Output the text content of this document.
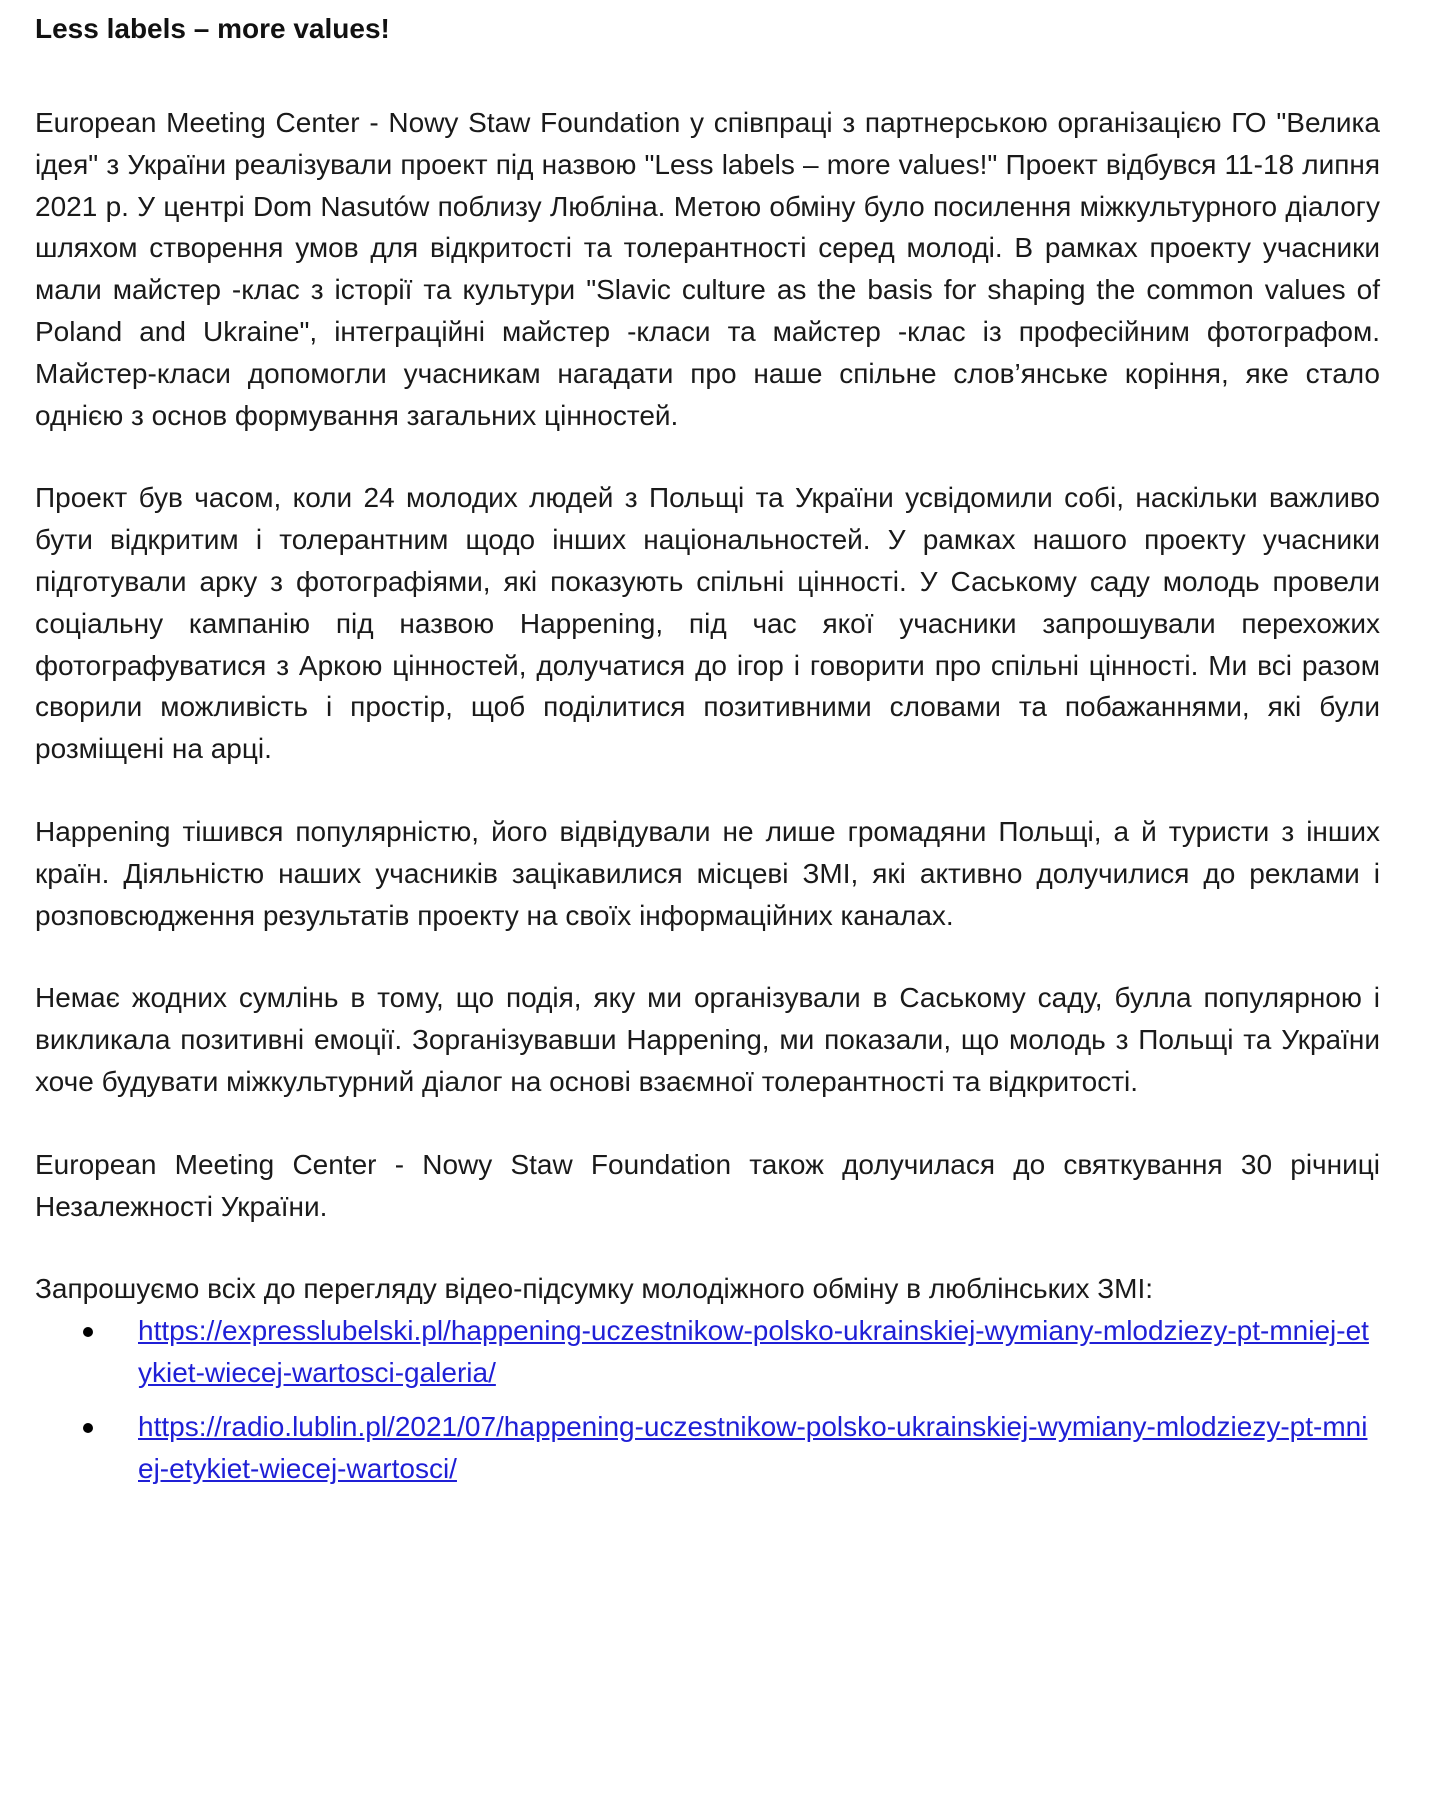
Less labels – more values!

European Meeting Center - Nowy Staw Foundation у співпраці з партнерською організацією ГО "Велика ідея" з України реалізували проект під назвою "Less labels – more values!" Проект відбувся 11-18 липня 2021 р. У центрі Dom Nasutów поблизу Любліна. Метою обміну було посилення міжкультурного діалогу шляхом створення умов для відкритості та толерантності серед молоді. В рамках проекту учасники мали майстер -клас з історії та культури "Slavic culture as the basis for shaping the common values of Poland and Ukraine", інтеграційні майстер -класи та майстер -клас із професійним фотографом. Майстер-класи допомогли учасникам нагадати про наше спільне слов’янське коріння, яке стало однією з основ формування загальних цінностей.

Проект був часом, коли 24 молодих людей з Польщі та України усвідомили собі, наскільки важливо бути відкритим і толерантним щодо інших національностей. У рамках нашого проекту учасники підготували арку з фотографіями, які показують спільні цінності. У Саському саду молодь провели соціальну кампанію під назвою Happening, під час якої учасники запрошували перехожих фотографуватися з Аркою цінностей, долучатися до ігор і говорити про спільні цінності. Ми всі разом сворили можливість і простір, щоб поділитися позитивними словами та побажаннями, які були розміщені на арці.

Happening тішився популярністю, його відвідували не лише громадяни Польщі, а й туристи з інших країн. Діяльністю наших учасників зацікавилися місцеві ЗМІ, які активно долучилися до реклами і розповсюдження результатів проекту на своїх інформаційних каналах.

Немає жодних сумлінь в тому, що подія, яку ми організували в Саському саду, булла популярною і викликала позитивні емоції. Зорганізувавши Happening, ми показали, що молодь з Польщі та України хоче будувати міжкультурний діалог на основі взаємної толерантності та відкритості.

European Meeting Center - Nowy Staw Foundation також долучилася до святкування 30 річниці Незалежності України.

Запрошуємо всіх до перегляду відео-підсумку молодіжного обміну в люблінських ЗМІ:

https://expresslubelski.pl/happening-uczestnikow-polsko-ukrainskiej-wymiany-mlodziezy-pt-mniej-etykiet-wiecej-wartosci-galeria/
https://radio.lublin.pl/2021/07/happening-uczestnikow-polsko-ukrainskiej-wymiany-mlodziezy-pt-mniej-etykiet-wiecej-wartosci/
